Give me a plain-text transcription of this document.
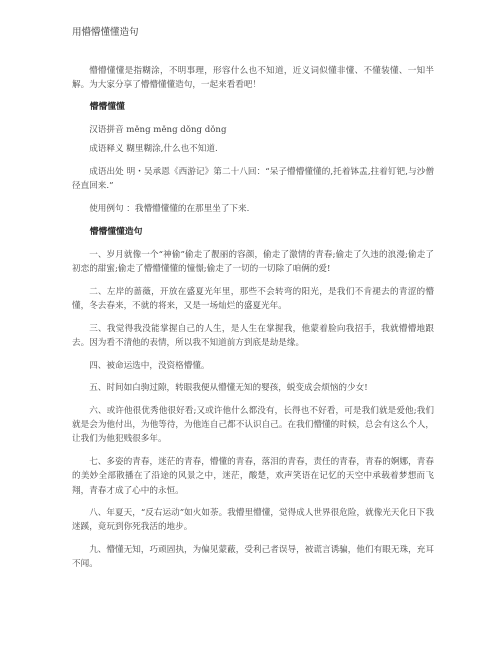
用懵懵懂懂造句

懵懵懂懂是指糊涂，不明事理，形容什么也不知道，近义词似懂非懂、不懂装懂、一知半解。为大家分享了懵懵懂懂造句，一起来看看吧！

懵懵懂懂

汉语拼音 měng měng dǒng dǒng

成语释义 糊里糊涂,什么也不知道.

成语出处 明・吴承恩《西游记》第二十八回：“呆子懵懵懂懂的,托着钵盂,拄着钉钯,与沙僧径直回来.”

使用例句 ：我懵懵懂懂的在那里坐了下来.

懵懵懂懂造句

一、岁月就像一个“神偷”偷走了靓丽的容颜，偷走了激情的青春;偷走了久违的浪漫;偷走了初恋的甜蜜;偷走了懵懵懂懂的憧憬;偷走了一切的一切除了咱俩的爱!

二、左岸的蔷薇，开放在盛夏光年里，那些不会转弯的阳光，是我们不肯褪去的青涩的懵懂，冬去春来，不就的将来，又是一场灿烂的盛夏光年。

三、我觉得我没能掌握自己的人生，是人生在掌握我，他蒙着脸向我招手，我就懵懵地跟去。因为看不清他的表情，所以我不知道前方到底是劫是缘。

四、被命运选中，没资格懵懂。

五、时间如白驹过隙，转眼我便从懵懂无知的婴孩，蜕变成会烦恼的少女!

六、或许他很优秀他很好看;又或许他什么都没有，长得也不好看，可是我们就是爱他;我们就是会为他付出，为他等待，为他连自己都不认识自己。在我们懵懂的时候，总会有这么个人，让我们为他犯贱很多年。

七、多姿的青春，迷茫的青春，懵懂的青春，落泪的青春，责任的青春，青春的婀娜，青春的美妙全部散播在了沿途的风景之中，迷茫，酸楚，欢声笑语在记忆的天空中承载着梦想而飞翔，青春才成了心中的永恒。

八、年夏天，“反右运动”如火如荼。我懵里懵懂，觉得成人世界很危险，就像光天化日下我迷蹊，竟玩到你死我活的地步。

九、懵懂无知，巧顽固执，为偏见蒙蔽，受利己者误导，被谎言诱骗，他们有眼无珠，充耳不闻。
